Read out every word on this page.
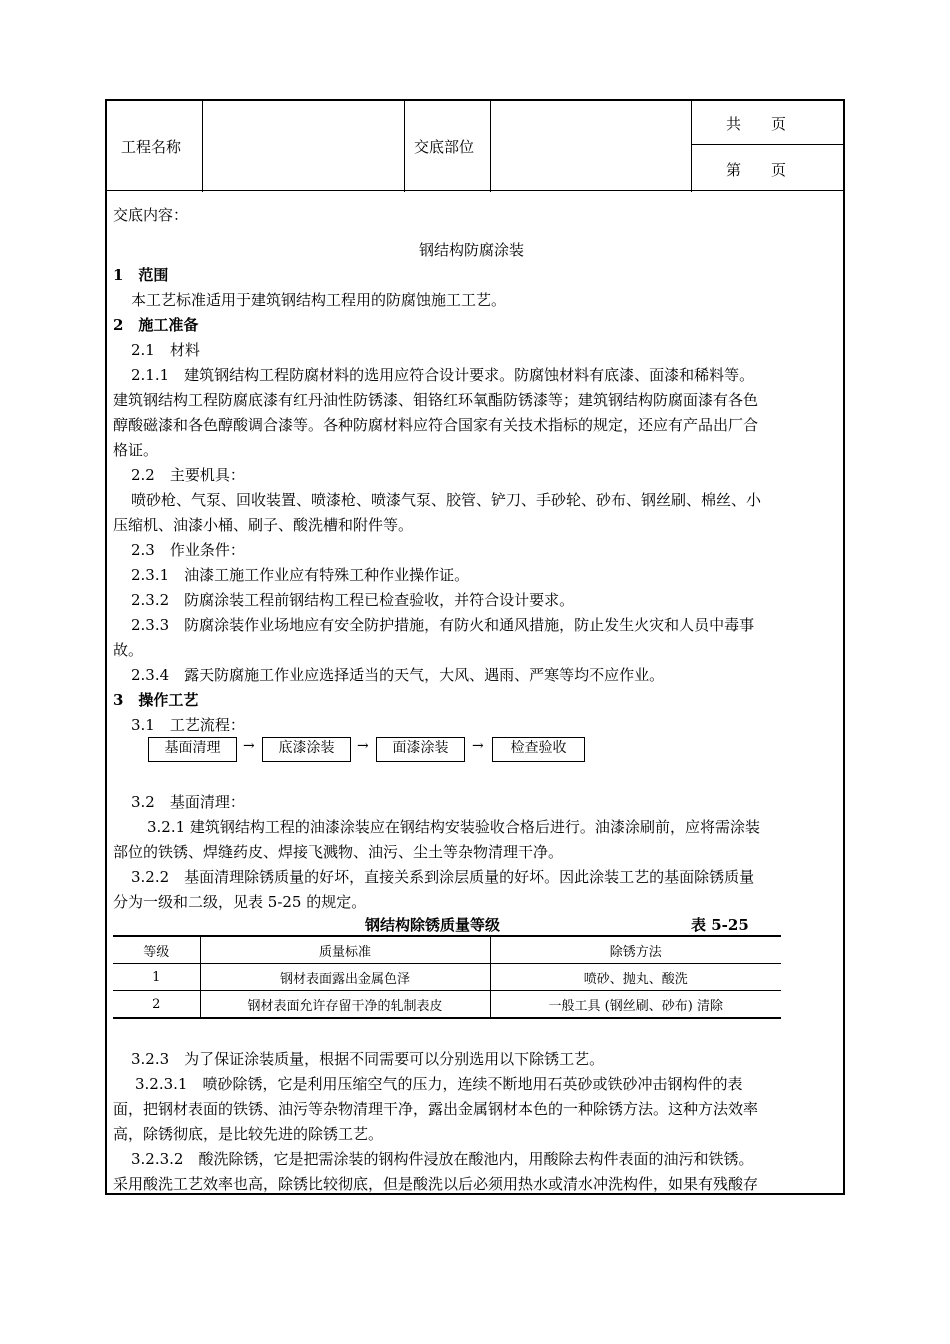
工程名称	交底部位
共　　页
第　　页
交底内容：
钢结构防腐涂装
1　范围
本工艺标准适用于建筑钢结构工程用的防腐蚀施工工艺。
2　施工准备
2.1　材料
2.1.1　建筑钢结构工程防腐材料的选用应符合设计要求。防腐蚀材料有底漆、面漆和稀料等。
建筑钢结构工程防腐底漆有红丹油性防锈漆、钼铬红环氧酯防锈漆等；建筑钢结构防腐面漆有各色
醇酸磁漆和各色醇酸调合漆等。各种防腐材料应符合国家有关技术指标的规定，还应有产品出厂合
格证。
2.2　主要机具：
喷砂枪、气泵、回收装置、喷漆枪、喷漆气泵、胶管、铲刀、手砂轮、砂布、钢丝刷、棉丝、小
压缩机、油漆小桶、刷子、酸洗槽和附件等。
2.3　作业条件：
2.3.1　油漆工施工作业应有特殊工种作业操作证。
2.3.2　防腐涂装工程前钢结构工程已检查验收，并符合设计要求。
2.3.3　防腐涂装作业场地应有安全防护措施，有防火和通风措施，防止发生火灾和人员中毒事
故。
2.3.4　露天防腐施工作业应选择适当的天气，大风、遇雨、严寒等均不应作业。
3　操作工艺
3.1　工艺流程：
3.2　基面清理：
3.2.1 建筑钢结构工程的油漆涂装应在钢结构安装验收合格后进行。油漆涂刷前，应将需涂装
部位的铁锈、焊缝药皮、焊接飞溅物、油污、尘土等杂物清理干净。
3.2.2　基面清理除锈质量的好坏，直接关系到涂层质量的好坏。因此涂装工艺的基面除锈质量
分为一级和二级，见表 5-25 的规定。
钢结构除锈质量等级	表 5-25
3.2.3　为了保证涂装质量，根据不同需要可以分别选用以下除锈工艺。
3.2.3.1　喷砂除锈，它是利用压缩空气的压力，连续不断地用石英砂或铁砂冲击钢构件的表
面，把钢材表面的铁锈、油污等杂物清理干净，露出金属钢材本色的一种除锈方法。这种方法效率
高，除锈彻底，是比较先进的除锈工艺。
3.2.3.2　酸洗除锈，它是把需涂装的钢构件浸放在酸池内，用酸除去构件表面的油污和铁锈。
采用酸洗工艺效率也高，除锈比较彻底，但是酸洗以后必须用热水或清水冲洗构件，如果有残酸存
基面清理	→	底漆涂装	→	面漆涂装	→	检查验收
等级	质量标准	除锈方法
1	钢材表面露出金属色泽	喷砂、抛丸、酸洗
2	钢材表面允许存留干净的轧制表皮	一般工具 (钢丝刷、砂布) 清除
